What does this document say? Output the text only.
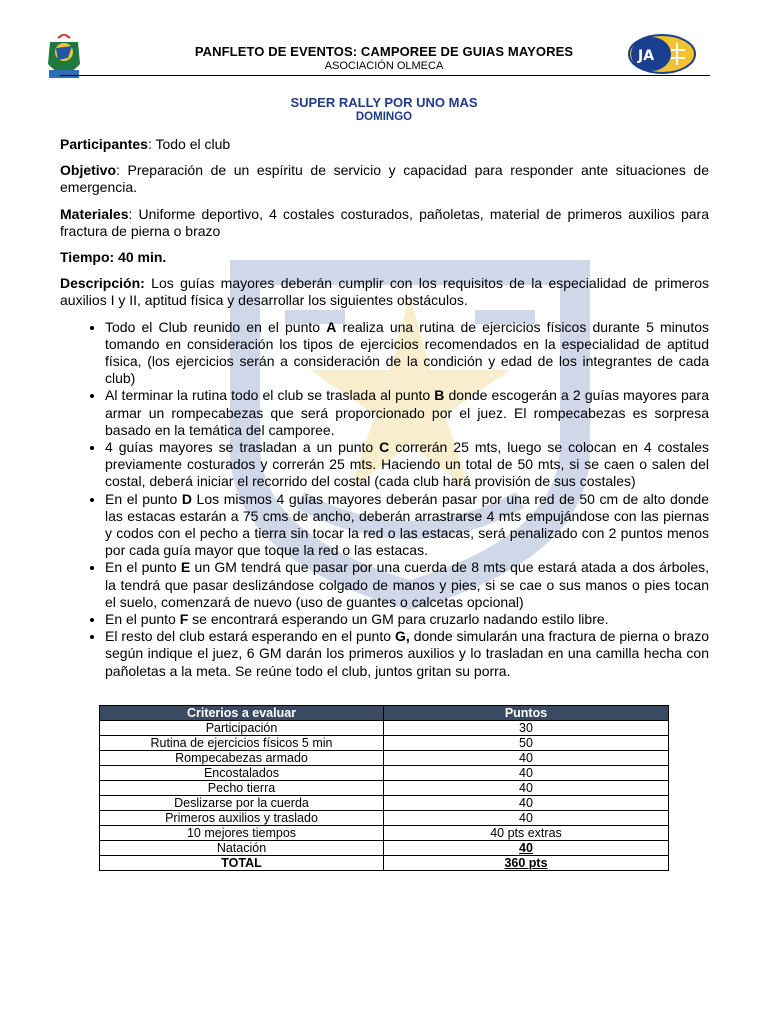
JA
PANFLETO DE EVENTOS: CAMPOREE DE GUIAS MAYORES
ASOCIACIÓN OLMECA
SUPER RALLY POR UNO MAS
DOMINGO

Participantes: Todo el club

Objetivo: Preparación de un espíritu de servicio y capacidad para responder ante situaciones de emergencia.

Materiales: Uniforme deportivo, 4 costales costurados, pañoletas, material de primeros auxilios para fractura de pierna o brazo

Tiempo: 40 min.

Descripción: Los guías mayores deberán cumplir con los requisitos de la especialidad de primeros auxilios I y II, aptitud física y desarrollar los siguientes obstáculos.

• Todo el Club reunido en el punto A realiza una rutina de ejercicios físicos durante 5 minutos tomando en consideración los tipos de ejercicios recomendados en la especialidad de aptitud física, (los ejercicios serán a consideración de la condición y edad de los integrantes de cada club)
• Al terminar la rutina todo el club se traslada al punto B donde escogerán a 2 guías mayores para armar un rompecabezas que será proporcionado por el juez. El rompecabezas es sorpresa basado en la temática del camporee.
• 4 guías mayores se trasladan a un punto C correrán 25 mts, luego se colocan en 4 costales previamente costurados y correrán 25 mts. Haciendo un total de 50 mts, si se caen o salen del costal, deberá iniciar el recorrido del costal (cada club hará provisión de sus costales)
• En el punto D Los mismos 4 guías mayores deberán pasar por una red de 50 cm de alto donde las estacas estarán a 75 cms de ancho, deberán arrastrarse 4 mts empujándose con las piernas y codos con el pecho a tierra sin tocar la red o las estacas, será penalizado con 2 puntos menos por cada guía mayor que toque la red o las estacas.
• En el punto E un GM tendrá que pasar por una cuerda de 8 mts que estará atada a dos árboles, la tendrá que pasar deslizándose colgado de manos y pies, si se cae o sus manos o pies tocan el suelo, comenzará de nuevo (uso de guantes o calcetas opcional)
• En el punto F se encontrará esperando un GM para cruzarlo nadando estilo libre.
• El resto del club estará esperando en el punto G, donde simularán una fractura de pierna o brazo según indique el juez, 6 GM darán los primeros auxilios y lo trasladan en una camilla hecha con pañoletas a la meta. Se reúne todo el club, juntos gritan su porra.
Criterios a evaluar	Puntos
Participación	30
Rutina de ejercicios físicos 5 min	50
Rompecabezas armado	40
Encostalados	40
Pecho tierra	40
Deslizarse por la cuerda	40
Primeros auxilios y traslado	40
10 mejores tiempos	40 pts extras
Natación	40
TOTAL	360 pts
